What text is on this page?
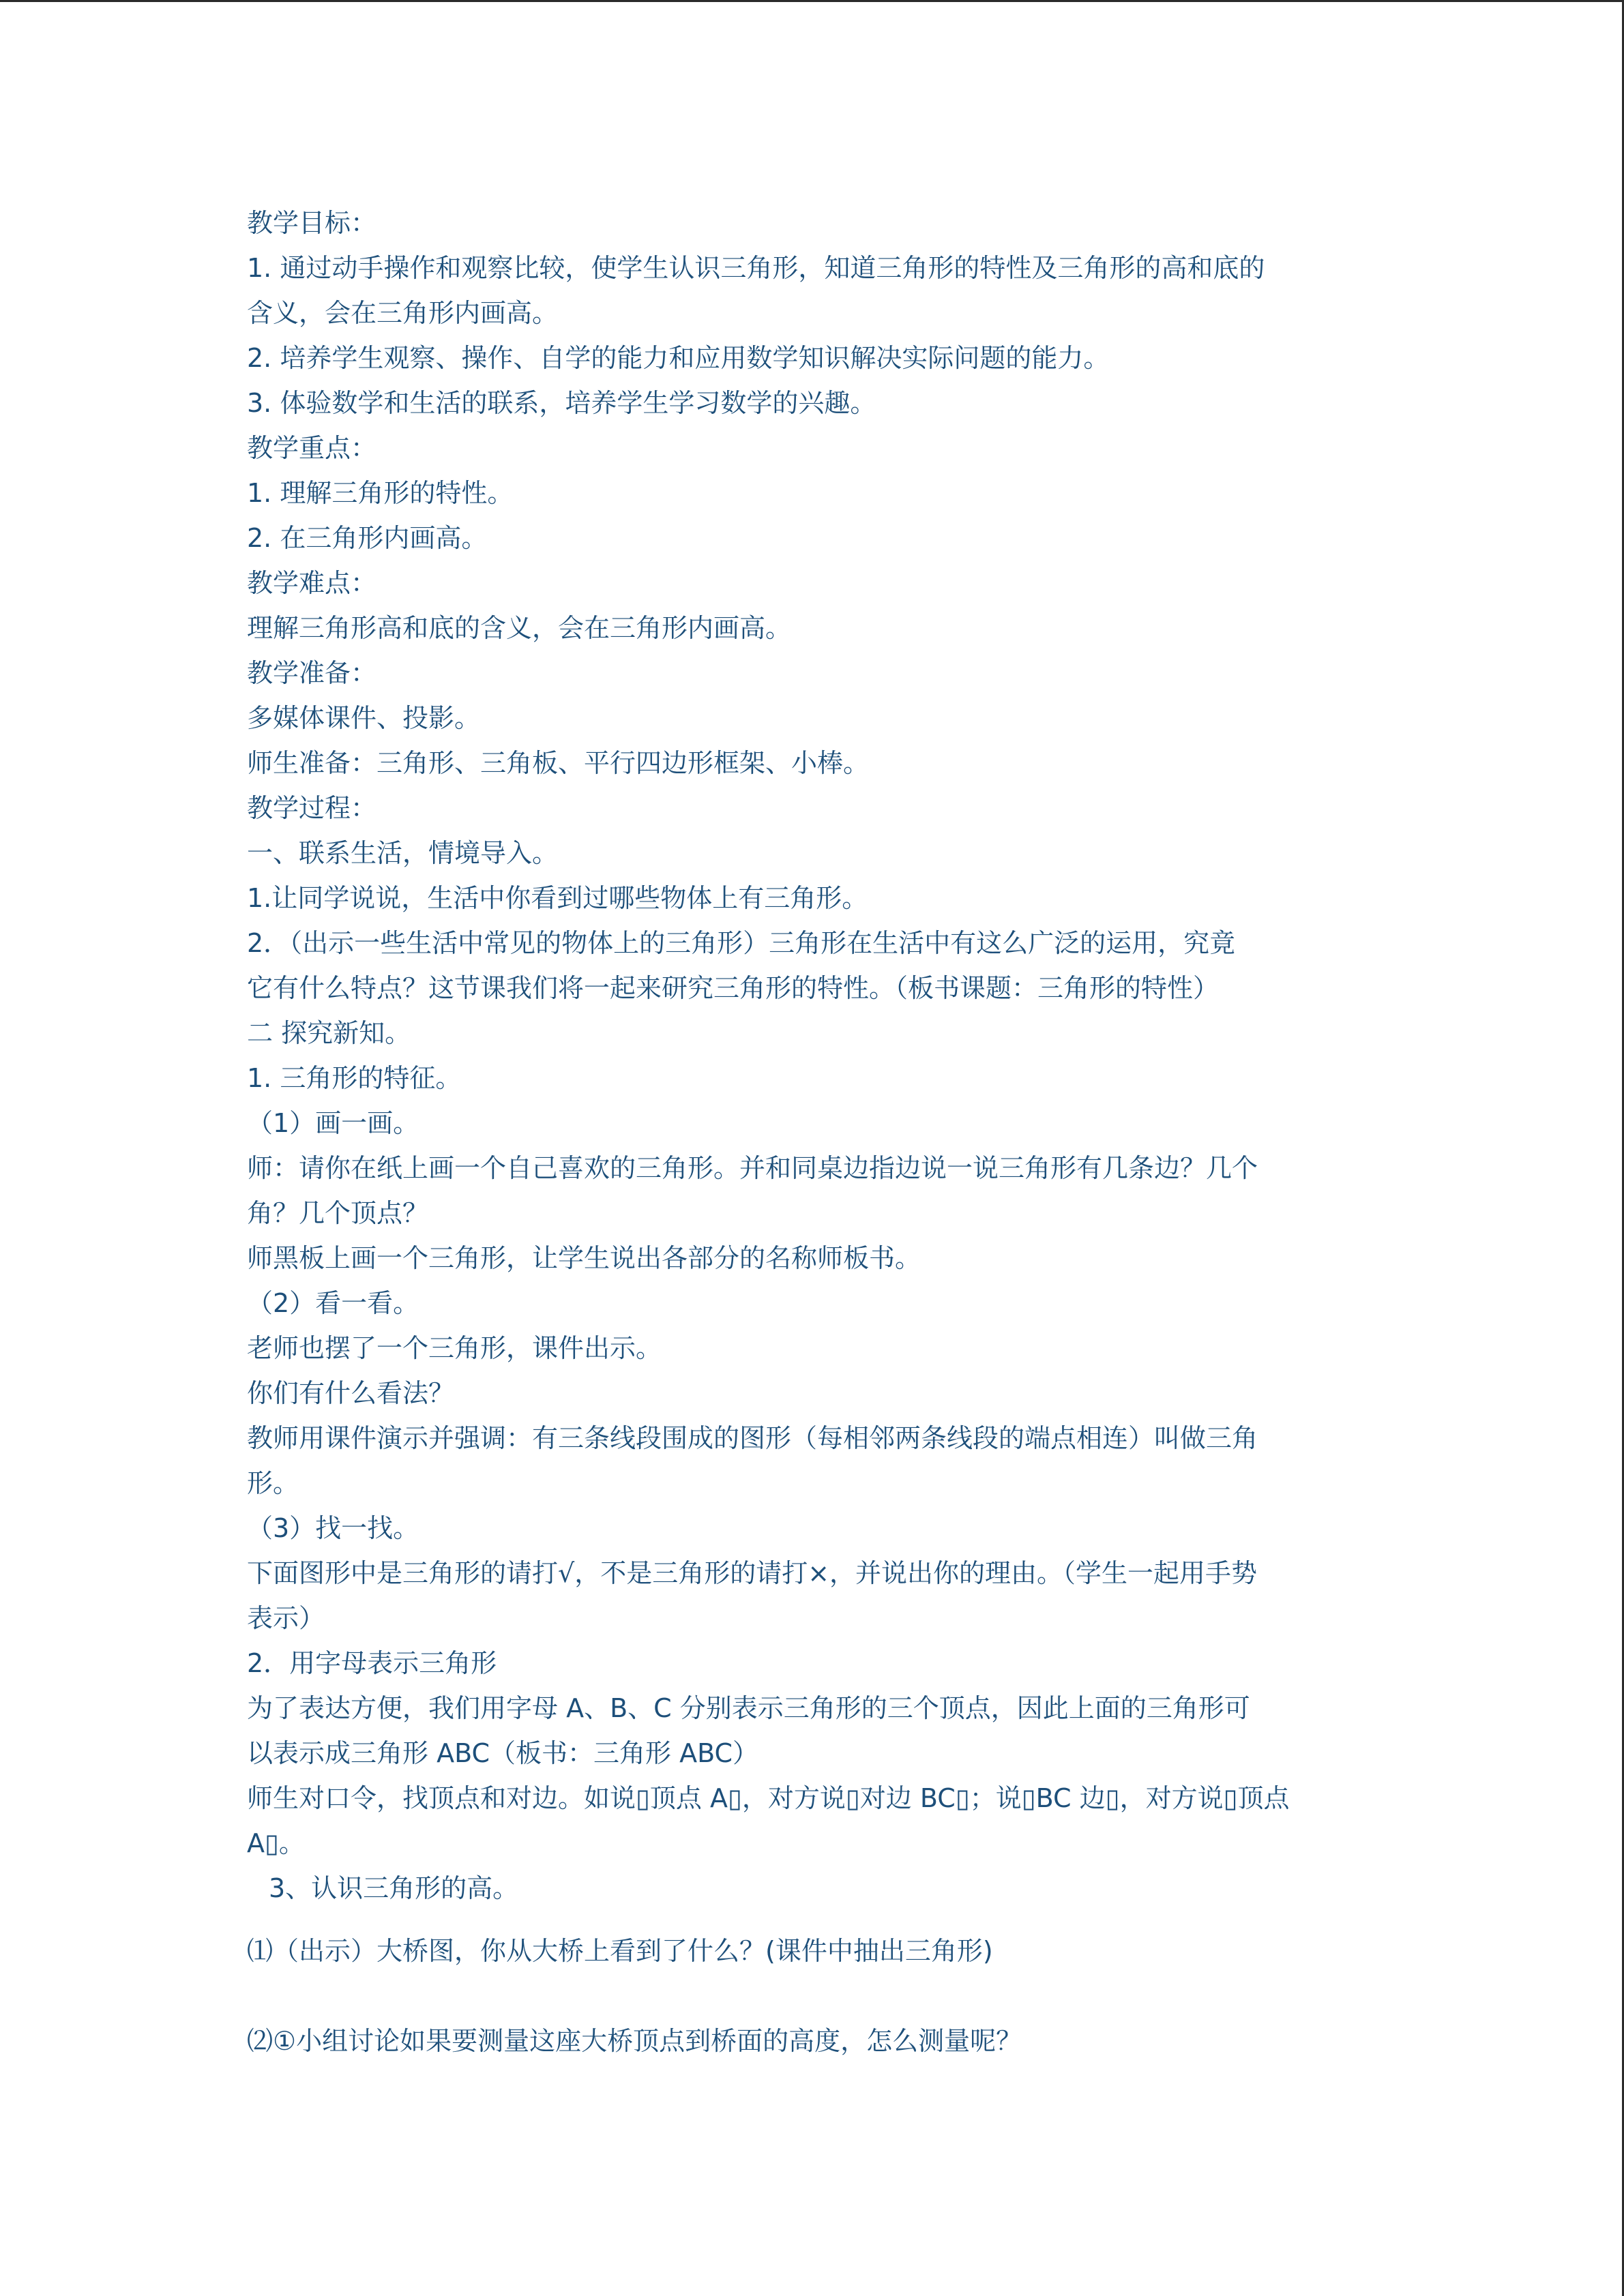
教学目标：

1. 通过动手操作和观察比较，使学生认识三角形，知道三角形的特性及三角形的高和底的

含义，会在三角形内画高。

2. 培养学生观察、操作、自学的能力和应用数学知识解决实际问题的能力。

3. 体验数学和生活的联系，培养学生学习数学的兴趣。

教学重点：

1. 理解三角形的特性。

2. 在三角形内画高。

教学难点：

理解三角形高和底的含义，会在三角形内画高。

教学准备：

多媒体课件、投影。

师生准备：三角形、三角板、平行四边形框架、小棒。

教学过程：

一、联系生活，情境导入。

1.让同学说说，生活中你看到过哪些物体上有三角形。

2．（出示一些生活中常见的物体上的三角形）三角形在生活中有这么广泛的运用，究竟

它有什么特点？这节课我们将一起来研究三角形的特性。（板书课题：三角形的特性）

二 探究新知。

1. 三角形的特征。

（1）画一画。

师：请你在纸上画一个自己喜欢的三角形。并和同桌边指边说一说三角形有几条边？几个

角？几个顶点？

师黑板上画一个三角形，让学生说出各部分的名称师板书。

（2）看一看。

老师也摆了一个三角形，课件出示。

你们有什么看法？

教师用课件演示并强调：有三条线段围成的图形（每相邻两条线段的端点相连）叫做三角

形。

（3）找一找。

下面图形中是三角形的请打√，不是三角形的请打×，并说出你的理由。（学生一起用手势

表示）

2．用字母表示三角形

为了表达方便，我们用字母 A、B、C 分别表示三角形的三个顶点，因此上面的三角形可

以表示成三角形 ABC（板书：三角形 ABC）

师生对口令，找顶点和对边。如说▯顶点 A▯，对方说▯对边 BC▯；说▯BC 边▯，对方说▯顶点

A▯。

3、认识三角形的高。

⑴（出示）大桥图，你从大桥上看到了什么？(课件中抽出三角形)

⑵①小组讨论如果要测量这座大桥顶点到桥面的高度，怎么测量呢？
